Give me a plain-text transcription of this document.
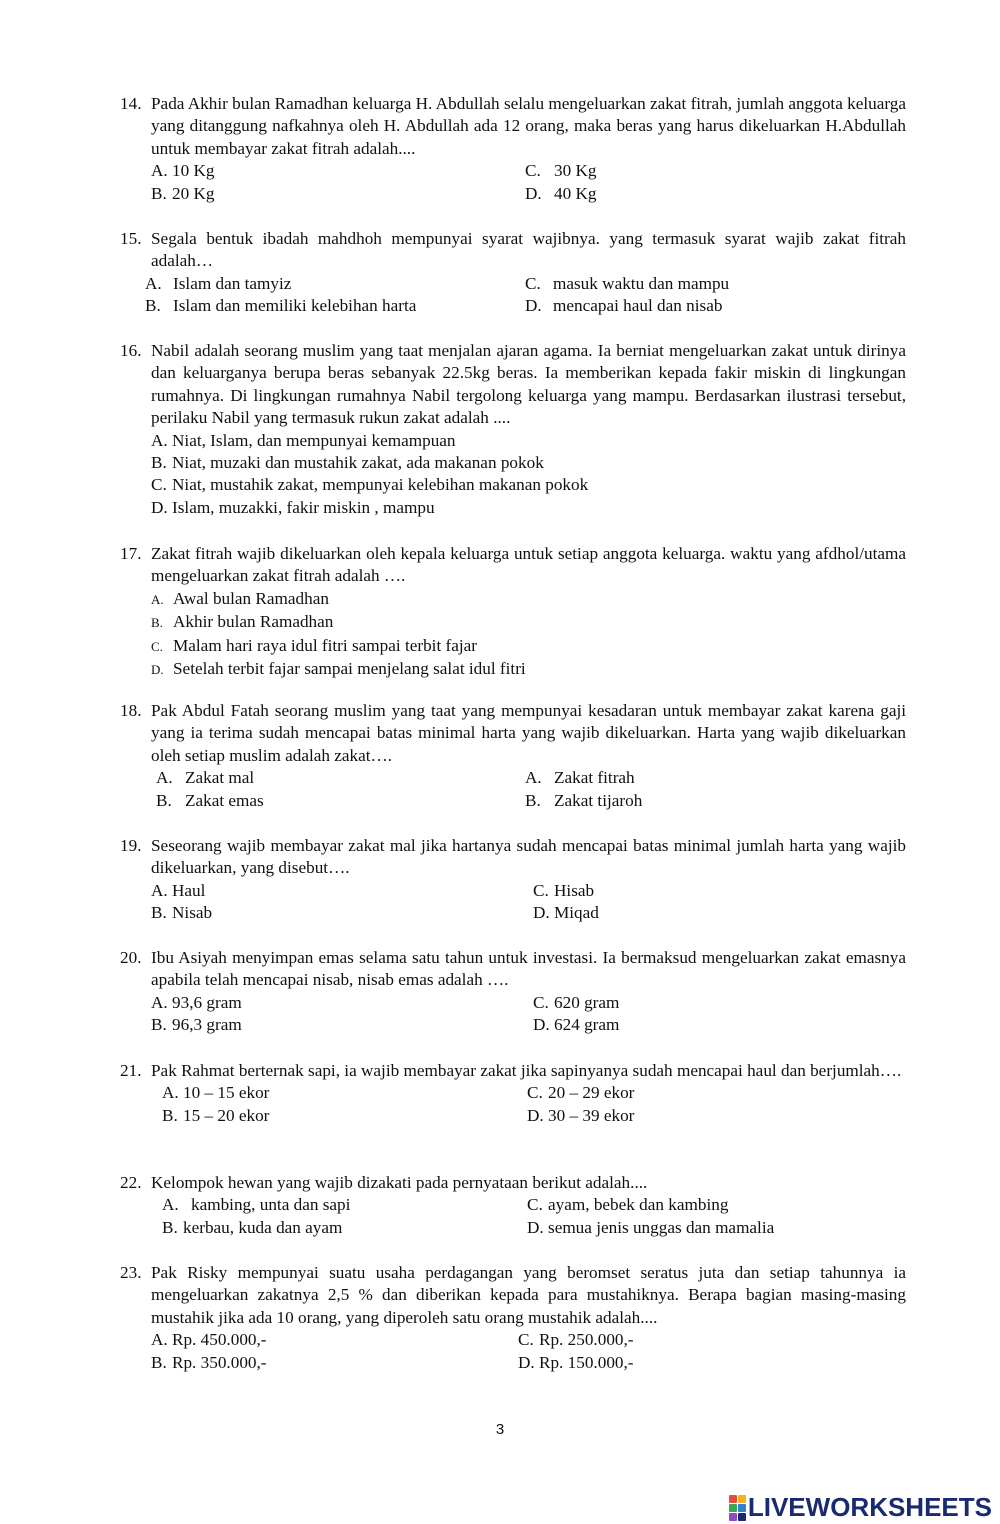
14. Pada Akhir bulan Ramadhan keluarga H. Abdullah selalu mengeluarkan zakat fitrah, jumlah anggota keluarga yang ditanggung nafkahnya oleh H. Abdullah ada 12 orang, maka beras yang harus dikeluarkan H.Abdullah untuk membayar zakat fitrah adalah....
A. 10 Kg	C. 30 Kg
B. 20 Kg	D. 40 Kg
15. Segala bentuk ibadah mahdhoh mempunyai syarat wajibnya. yang termasuk syarat wajib zakat fitrah adalah…
A. Islam dan tamyiz	C. masuk waktu dan mampu
B. Islam dan memiliki kelebihan harta	D. mencapai haul dan nisab
16. Nabil adalah seorang muslim yang taat menjalan ajaran agama. Ia berniat mengeluarkan zakat untuk dirinya dan keluarganya berupa beras sebanyak 22.5kg beras. Ia memberikan kepada fakir miskin di lingkungan rumahnya. Di lingkungan rumahnya Nabil tergolong keluarga yang mampu. Berdasarkan ilustrasi tersebut, perilaku Nabil yang termasuk rukun zakat adalah ....
A. Niat, Islam, dan mempunyai kemampuan
B. Niat, muzaki dan mustahik zakat, ada makanan pokok
C. Niat, mustahik zakat, mempunyai kelebihan makanan pokok
D. Islam, muzakki, fakir miskin , mampu
17. Zakat fitrah wajib dikeluarkan oleh kepala keluarga untuk setiap anggota keluarga. waktu yang afdhol/utama mengeluarkan zakat fitrah adalah ….
A. Awal bulan Ramadhan
B. Akhir bulan Ramadhan
C. Malam hari raya idul fitri sampai terbit fajar
D. Setelah terbit fajar sampai menjelang salat idul fitri
18. Pak Abdul Fatah seorang muslim yang taat yang mempunyai kesadaran untuk membayar zakat karena gaji yang ia terima sudah mencapai batas minimal harta yang wajib dikeluarkan. Harta yang wajib dikeluarkan oleh setiap muslim adalah zakat….
A. Zakat mal	A. Zakat fitrah
B. Zakat emas	B. Zakat tijaroh
19. Seseorang wajib membayar zakat mal jika hartanya sudah mencapai batas minimal jumlah harta yang wajib dikeluarkan, yang disebut….
A. Haul	C. Hisab
B. Nisab	D. Miqad
20. Ibu Asiyah menyimpan emas selama satu tahun untuk investasi. Ia bermaksud mengeluarkan zakat emasnya apabila telah mencapai nisab, nisab emas adalah ….
A. 93,6 gram	C. 620 gram
B. 96,3 gram	D. 624 gram
21. Pak Rahmat berternak sapi, ia wajib membayar zakat jika sapinyanya sudah mencapai haul dan berjumlah….
A. 10 – 15 ekor	C. 20 – 29 ekor
B. 15 – 20 ekor	D. 30 – 39 ekor
22. Kelompok hewan yang wajib dizakati pada pernyataan berikut adalah....
A. kambing, unta dan sapi	C. ayam, bebek dan kambing
B. kerbau, kuda dan ayam	D. semua jenis unggas dan mamalia
23. Pak Risky mempunyai suatu usaha perdagangan yang beromset seratus juta dan setiap tahunnya ia mengeluarkan zakatnya 2,5 % dan diberikan kepada para mustahiknya. Berapa bagian masing-masing mustahik jika ada 10 orang, yang diperoleh satu orang mustahik adalah....
A. Rp. 450.000,-	C. Rp. 250.000,-
B. Rp. 350.000,-	D. Rp. 150.000,-
3
LIVEWORKSHEETS
